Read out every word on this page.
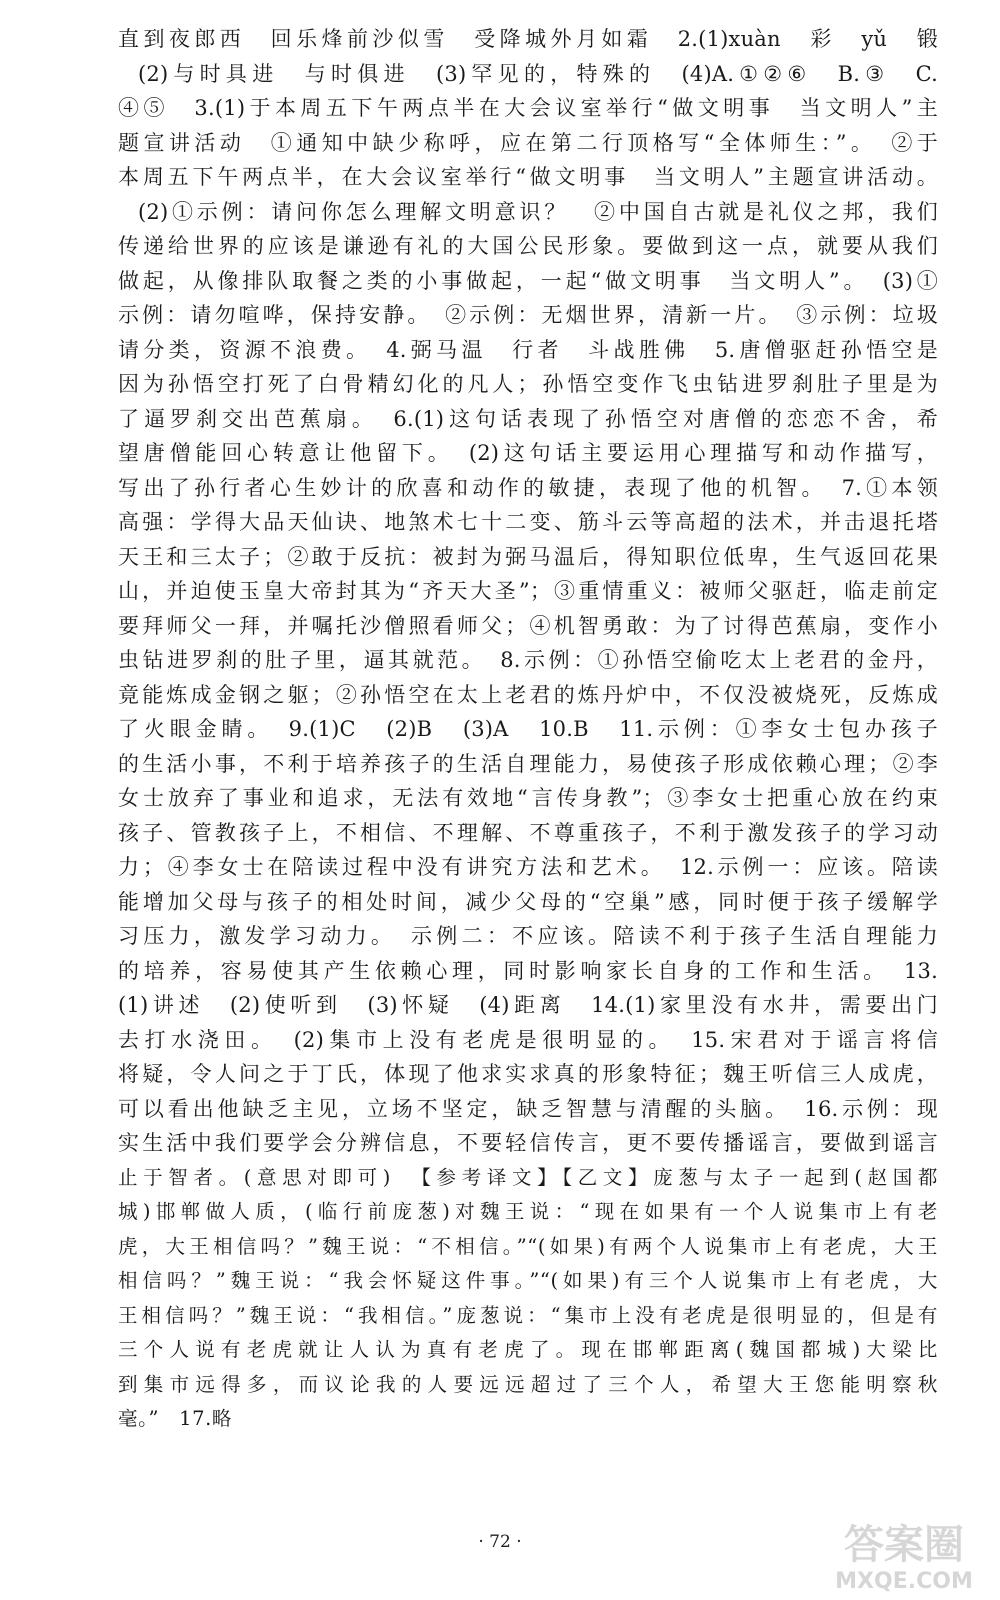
直到夜郎西　回乐烽前沙似雪　受降城外月如霜　2.(1)xuàn　彩　yǔ　锻
(2)与时具进　与时俱进　(3)罕见的，特殊的　(4)A.①②⑥　B.③　C.
④⑤　3.(1)于本周五下午两点半在大会议室举行“做文明事　当文明人”主
题宣讲活动　①通知中缺少称呼，应在第二行顶格写“全体师生：”。　②于
本周五下午两点半，在大会议室举行“做文明事　当文明人”主题宣讲活动。
(2)①示例：请问你怎么理解文明意识？　②中国自古就是礼仪之邦，我们
传递给世界的应该是谦逊有礼的大国公民形象。要做到这一点，就要从我们
做起，从像排队取餐之类的小事做起，一起“做文明事　当文明人”。　(3)①
示例：请勿喧哗，保持安静。　②示例：无烟世界，清新一片。　③示例：垃圾
请分类，资源不浪费。　4.弼马温　行者　斗战胜佛　5.唐僧驱赶孙悟空是
因为孙悟空打死了白骨精幻化的凡人；孙悟空变作飞虫钻进罗刹肚子里是为
了逼罗刹交出芭蕉扇。　6.(1)这句话表现了孙悟空对唐僧的恋恋不舍，希
望唐僧能回心转意让他留下。　(2)这句话主要运用心理描写和动作描写，
写出了孙行者心生妙计的欣喜和动作的敏捷，表现了他的机智。　7.①本领
高强：学得大品天仙诀、地煞术七十二变、筋斗云等高超的法术，并击退托塔
天王和三太子；②敢于反抗：被封为弼马温后，得知职位低卑，生气返回花果
山，并迫使玉皇大帝封其为“齐天大圣”；③重情重义：被师父驱赶，临走前定
要拜师父一拜，并嘱托沙僧照看师父；④机智勇敢：为了讨得芭蕉扇，变作小
虫钻进罗刹的肚子里，逼其就范。　8.示例：①孙悟空偷吃太上老君的金丹，
竟能炼成金钢之躯；②孙悟空在太上老君的炼丹炉中，不仅没被烧死，反炼成
了火眼金睛。　9.(1)C　(2)B　(3)A　10.B　11.示例：①李女士包办孩子
的生活小事，不利于培养孩子的生活自理能力，易使孩子形成依赖心理；②李
女士放弃了事业和追求，无法有效地“言传身教”；③李女士把重心放在约束
孩子、管教孩子上，不相信、不理解、不尊重孩子，不利于激发孩子的学习动
力；④李女士在陪读过程中没有讲究方法和艺术。　12.示例一：应该。陪读
能增加父母与孩子的相处时间，减少父母的“空巢”感，同时便于孩子缓解学
习压力，激发学习动力。　示例二：不应该。陪读不利于孩子生活自理能力
的培养，容易使其产生依赖心理，同时影响家长自身的工作和生活。　13.
(1)讲述　(2)使听到　(3)怀疑　(4)距离　14.(1)家里没有水井，需要出门
去打水浇田。　(2)集市上没有老虎是很明显的。　15.宋君对于谣言将信
将疑，令人问之于丁氏，体现了他求实求真的形象特征；魏王听信三人成虎，
可以看出他缺乏主见，立场不坚定，缺乏智慧与清醒的头脑。　16.示例：现
实生活中我们要学会分辨信息，不要轻信传言，更不要传播谣言，要做到谣言
止于智者。(意思对即可)　【参考译文】【乙文】庞葱与太子一起到(赵国都
城)邯郸做人质，(临行前庞葱)对魏王说：“现在如果有一个人说集市上有老
虎，大王相信吗？”魏王说：“不相信。”“(如果)有两个人说集市上有老虎，大王
相信吗？”魏王说：“我会怀疑这件事。”“(如果)有三个人说集市上有老虎，大
王相信吗？”魏王说：“我相信。”庞葱说：“集市上没有老虎是很明显的，但是有
三个人说有老虎就让人认为真有老虎了。现在邯郸距离(魏国都城)大梁比
到集市远得多，而议论我的人要远远超过了三个人，希望大王您能明察秋
毫。”　17.略
· 72 ·	答案圈
MXQE.COM
